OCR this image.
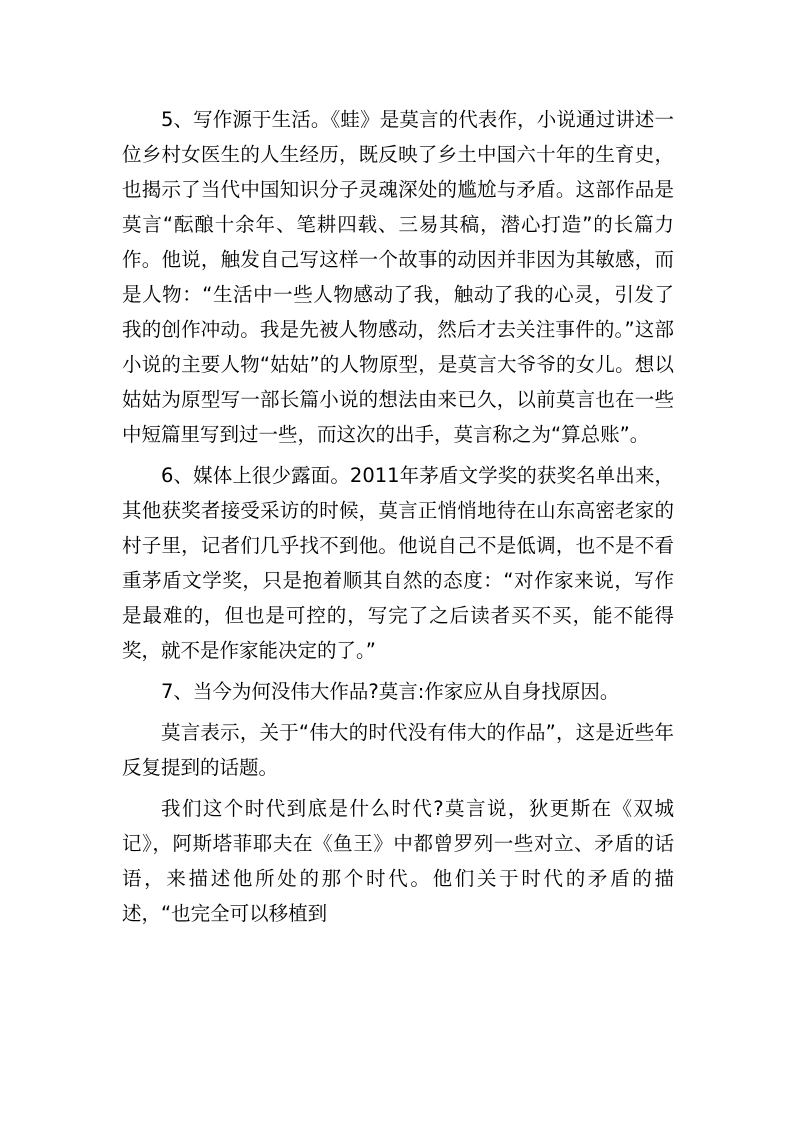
5、写作源于生活。《蛙》是莫言的代表作，小说通过讲述一位乡村女医生的人生经历，既反映了乡土中国六十年的生育史，也揭示了当代中国知识分子灵魂深处的尴尬与矛盾。这部作品是莫言“酝酿十余年、笔耕四载、三易其稿，潜心打造”的长篇力作。他说，触发自己写这样一个故事的动因并非因为其敏感，而是人物：“生活中一些人物感动了我，触动了我的心灵，引发了我的创作冲动。我是先被人物感动，然后才去关注事件的。”这部小说的主要人物“姑姑”的人物原型，是莫言大爷爷的女儿。想以姑姑为原型写一部长篇小说的想法由来已久，以前莫言也在一些中短篇里写到过一些，而这次的出手，莫言称之为“算总账”。

6、媒体上很少露面。2011年茅盾文学奖的获奖名单出来，其他获奖者接受采访的时候，莫言正悄悄地待在山东高密老家的村子里，记者们几乎找不到他。他说自己不是低调，也不是不看重茅盾文学奖，只是抱着顺其自然的态度：“对作家来说，写作是最难的，但也是可控的，写完了之后读者买不买，能不能得奖，就不是作家能决定的了。”

7、当今为何没伟大作品?莫言:作家应从自身找原因。

莫言表示，关于“伟大的时代没有伟大的作品”，这是近些年反复提到的话题。

我们这个时代到底是什么时代?莫言说，狄更斯在《双城记》，阿斯塔菲耶夫在《鱼王》中都曾罗列一些对立、矛盾的话语，来描述他所处的那个时代。他们关于时代的矛盾的描述，“也完全可以移植到
